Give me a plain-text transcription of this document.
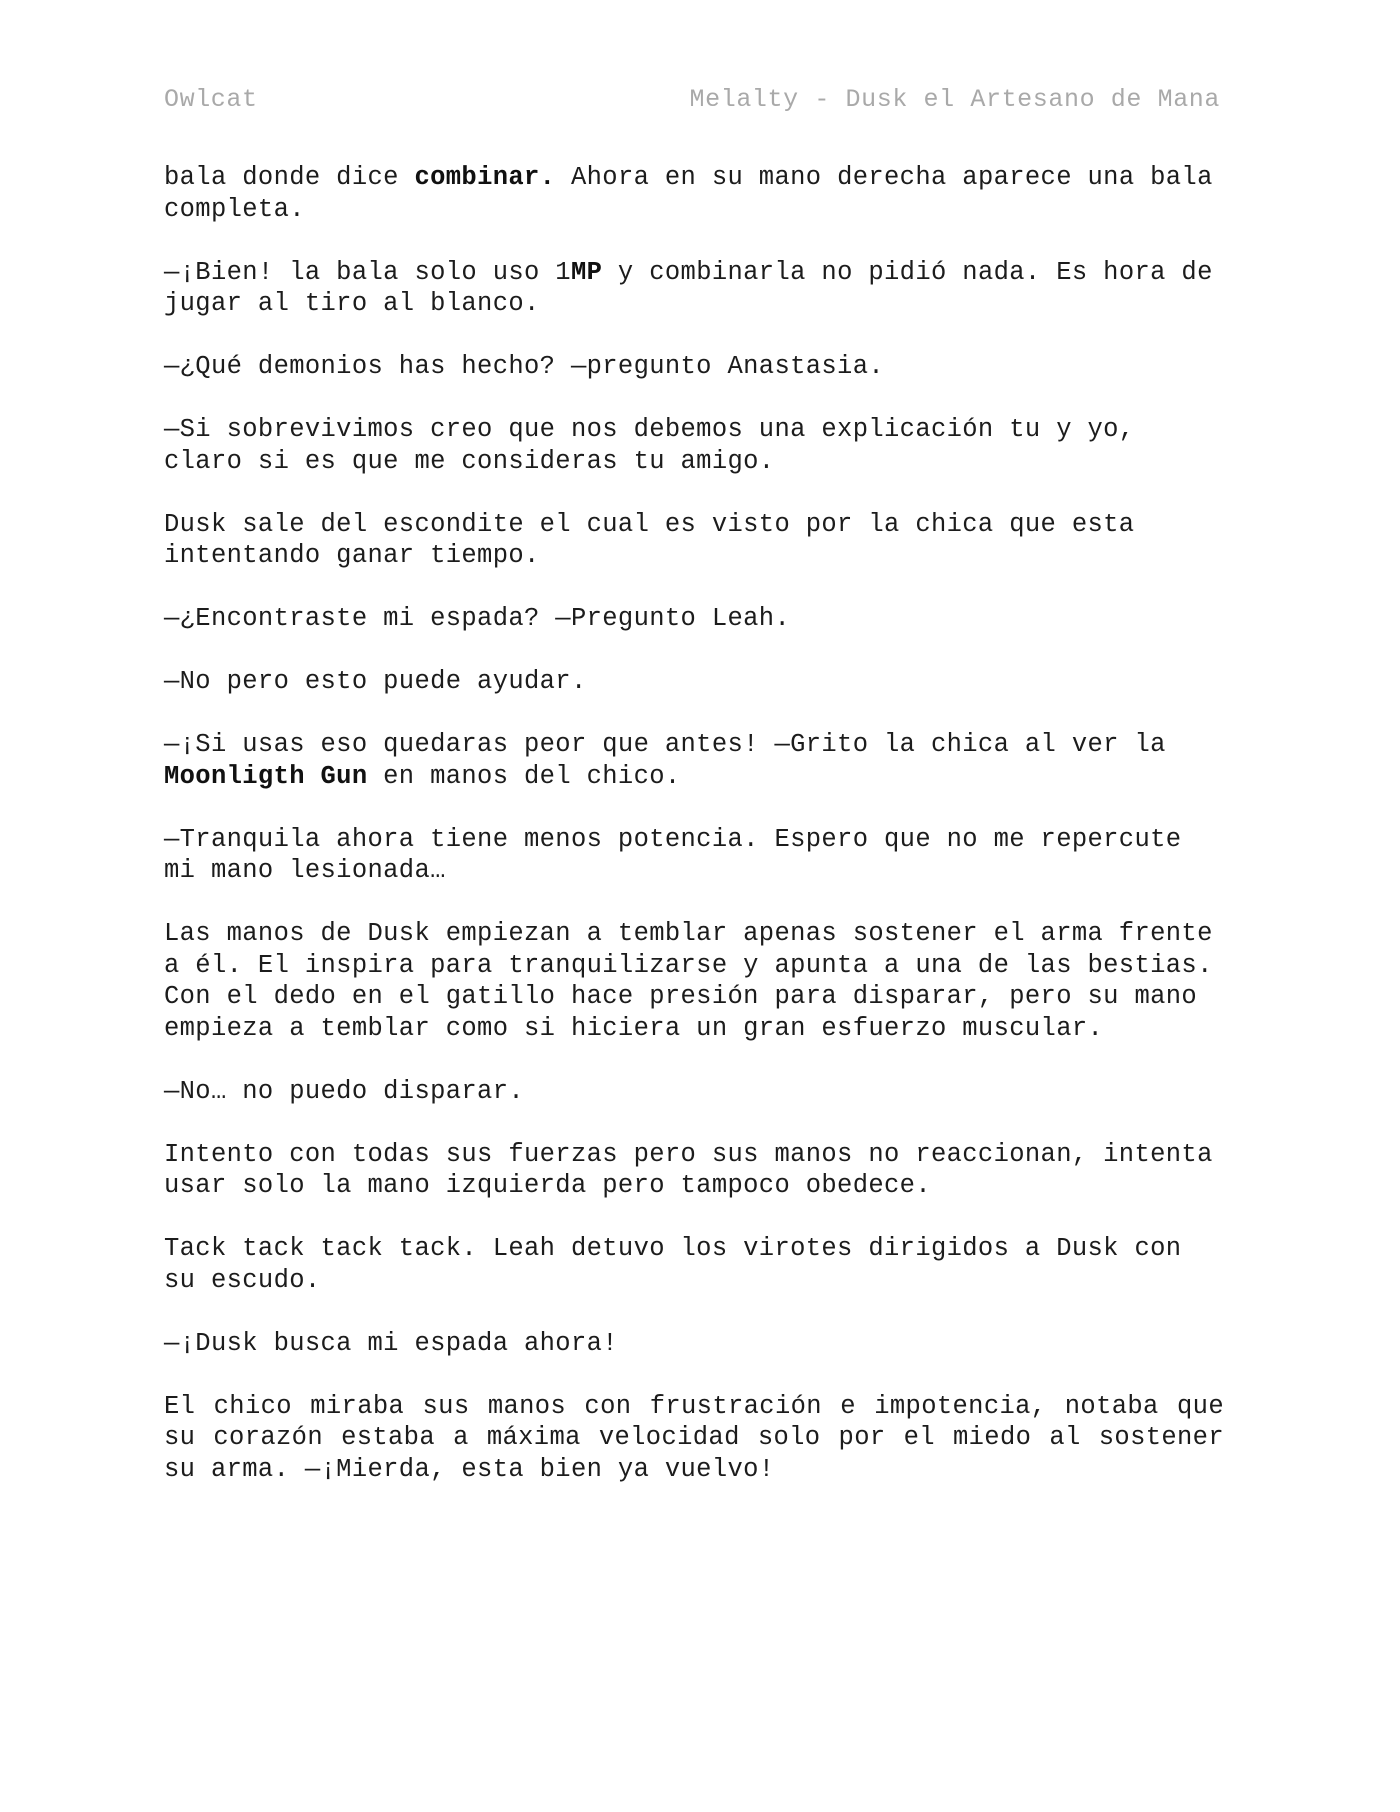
Owlcat	Melalty - Dusk el Artesano de Mana

bala donde dice combinar. Ahora en su mano derecha aparece una bala completa.

—¡Bien! la bala solo uso 1MP y combinarla no pidió nada. Es hora de jugar al tiro al blanco.

—¿Qué demonios has hecho? —pregunto Anastasia.

—Si sobrevivimos creo que nos debemos una explicación tu y yo, claro si es que me consideras tu amigo.

Dusk sale del escondite el cual es visto por la chica que esta intentando ganar tiempo.

—¿Encontraste mi espada? —Pregunto Leah.

—No pero esto puede ayudar.

—¡Si usas eso quedaras peor que antes! —Grito la chica al ver la Moonligth Gun en manos del chico.

—Tranquila ahora tiene menos potencia. Espero que no me repercute mi mano lesionada…

Las manos de Dusk empiezan a temblar apenas sostener el arma frente a él. El inspira para tranquilizarse y apunta a una de las bestias. Con el dedo en el gatillo hace presión para disparar, pero su mano empieza a temblar como si hiciera un gran esfuerzo muscular.

—No… no puedo disparar.

Intento con todas sus fuerzas pero sus manos no reaccionan, intenta usar solo la mano izquierda pero tampoco obedece.

Tack tack tack tack. Leah detuvo los virotes dirigidos a Dusk con su escudo.

—¡Dusk busca mi espada ahora!

El chico miraba sus manos con frustración e impotencia, notaba que su corazón estaba a máxima velocidad solo por el miedo al sostener su arma. —¡Mierda, esta bien ya vuelvo!
